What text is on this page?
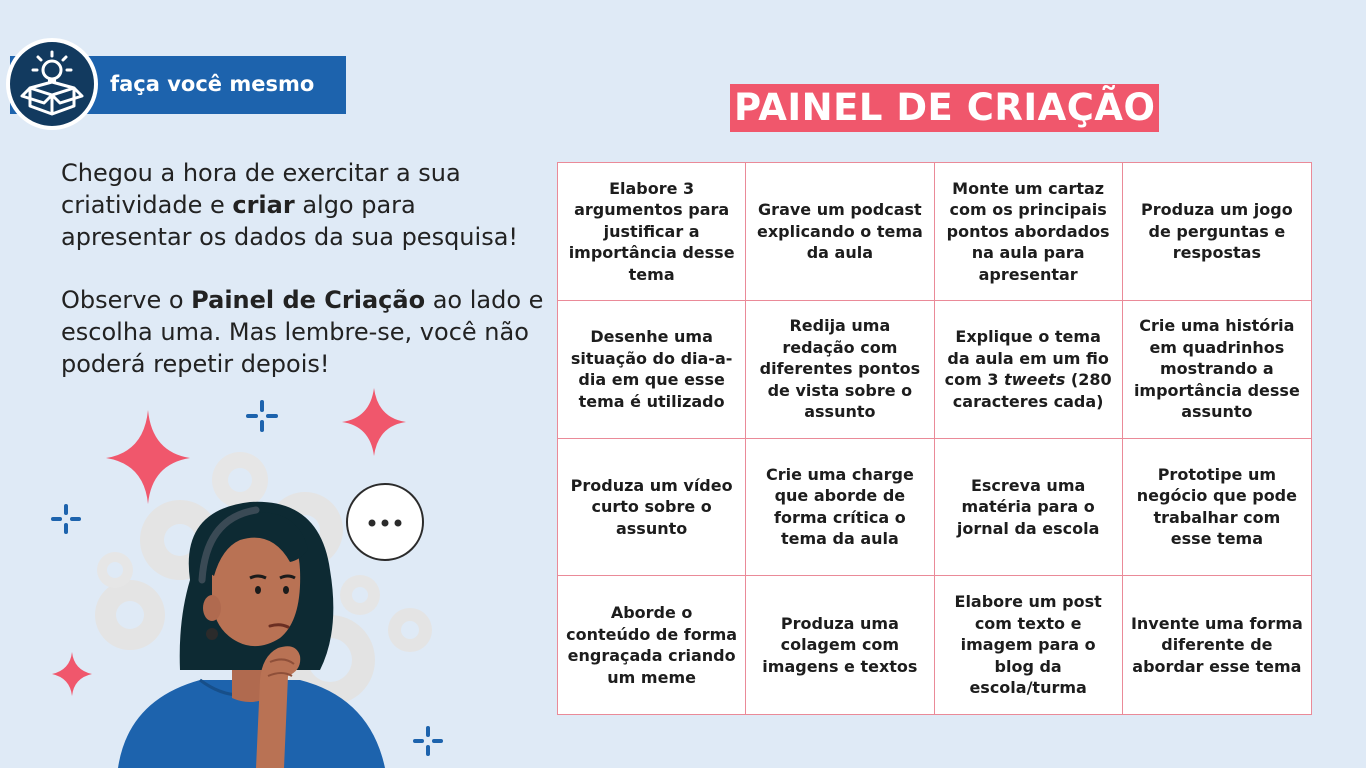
faça você mesmo

Chegou a hora de exercitar a sua criatividade e criar algo para apresentar os dados da sua pesquisa!

Observe o Painel de Criação ao lado e escolha uma. Mas lembre-se, você não poderá repetir depois!

PAINEL DE CRIAÇÃO
Elabore 3 argumentos para justificar a importância desse tema
Grave um podcast explicando o tema da aula
Monte um cartaz com os principais pontos abordados na aula para apresentar
Produza um jogo de perguntas e respostas
Desenhe uma situação do dia-a-dia em que esse tema é utilizado
Redija uma redação com diferentes pontos de vista sobre o assunto
Explique o tema da aula em um fio com 3 tweets (280 caracteres cada)
Crie uma história em quadrinhos mostrando a importância desse assunto
Produza um vídeo curto sobre o assunto
Crie uma charge que aborde de forma crítica o tema da aula
Escreva uma matéria para o jornal da escola
Prototipe um negócio que pode trabalhar com esse tema
Aborde o conteúdo de forma engraçada criando um meme
Produza uma colagem com imagens e textos
Elabore um post com texto e imagem para o blog da escola/turma
Invente uma forma diferente de abordar esse tema
